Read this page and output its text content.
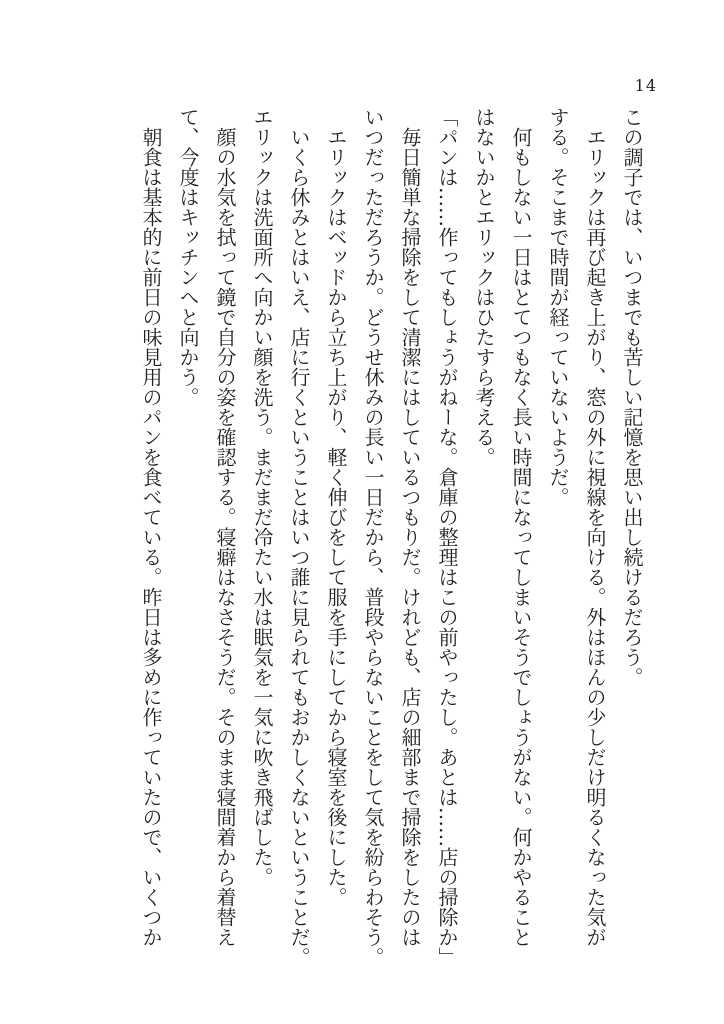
14

この調子では、いつまでも苦しい記憶を思い出し続けるだろう。

　エリックは再び起き上がり、窓の外に視線を向ける。外はほんの少しだけ明るくなった気が

する。そこまで時間が経っていないようだ。

　何もしない一日はとてつもなく長い時間になってしまいそうでしょうがない。何かやること

はないかとエリックはひたすら考える。

「パンは……作ってもしょうがねーな。倉庫の整理はこの前やったし。あとは……店の掃除か」

　毎日簡単な掃除をして清潔にはしているつもりだ。けれども、店の細部まで掃除をしたのは

いつだっただろうか。どうせ休みの長い一日だから、普段やらないことをして気を紛らわそう。

　エリックはベッドから立ち上がり、軽く伸びをして服を手にしてから寝室を後にした。

　いくら休みとはいえ、店に行くということはいつ誰に見られてもおかしくないということだ。

エリックは洗面所へ向かい顔を洗う。まだまだ冷たい水は眠気を一気に吹き飛ばした。

　顔の水気を拭って鏡で自分の姿を確認する。寝癖はなさそうだ。そのまま寝間着から着替え

て、今度はキッチンへと向かう。

　朝食は基本的に前日の味見用のパンを食べている。昨日は多めに作っていたので、いくつか
